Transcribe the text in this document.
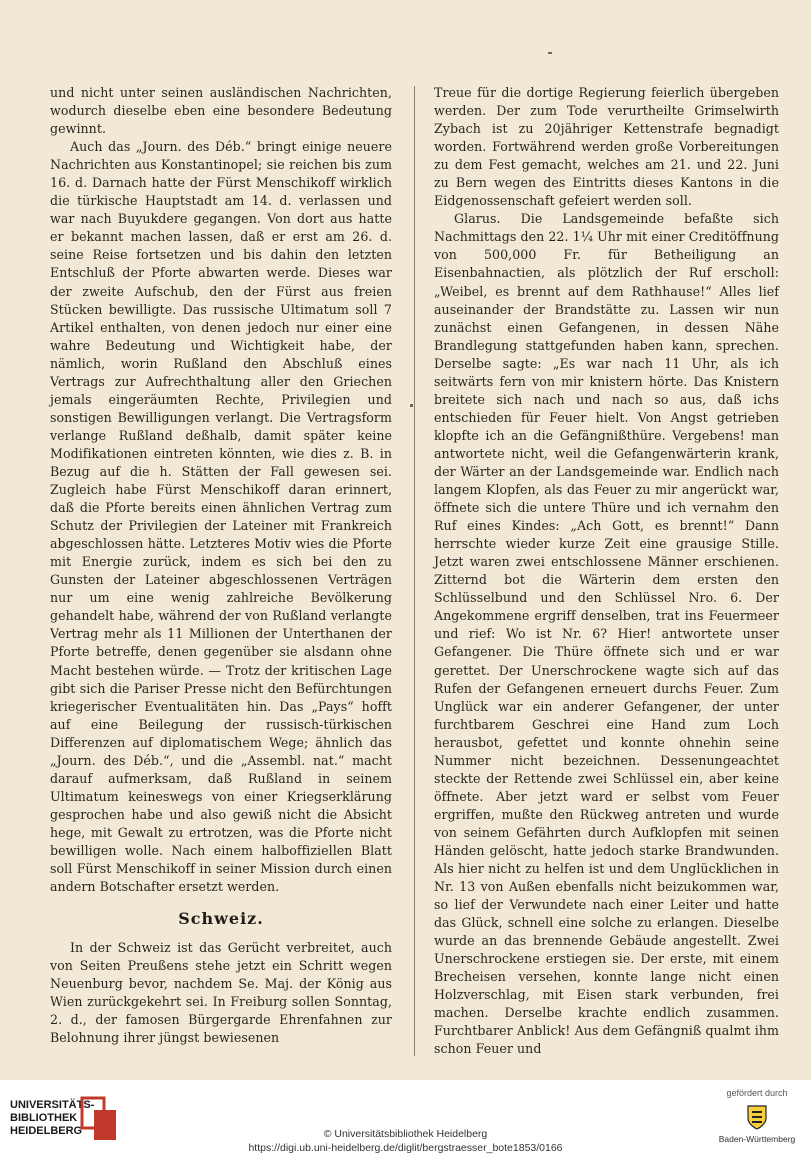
und nicht unter seinen ausländischen Nachrichten, wodurch dieselbe eben eine besondere Bedeutung gewinnt.

Auch das „Journ. des Déb.“ bringt einige neuere Nachrichten aus Konstantinopel; sie reichen bis zum 16. d. Darnach hatte der Fürst Menschikoff wirklich die türkische Hauptstadt am 14. d. verlassen und war nach Buyukdere gegangen. Von dort aus hatte er bekannt machen lassen, daß er erst am 26. d. seine Reise fortsetzen und bis dahin den letzten Entschluß der Pforte abwarten werde. Dieses war der zweite Aufschub, den der Fürst aus freien Stücken bewilligte. Das russische Ultimatum soll 7 Artikel enthalten, von denen jedoch nur einer eine wahre Bedeutung und Wichtigkeit habe, der nämlich, worin Rußland den Abschluß eines Vertrags zur Aufrechthaltung aller den Griechen jemals eingeräumten Rechte, Privilegien und sonstigen Bewilligungen verlangt. Die Vertragsform verlange Rußland deßhalb, damit später keine Modifikationen eintreten könnten, wie dies z. B. in Bezug auf die h. Stätten der Fall gewesen sei. Zugleich habe Fürst Menschikoff daran erinnert, daß die Pforte bereits einen ähnlichen Vertrag zum Schutz der Privilegien der Lateiner mit Frankreich abgeschlossen hätte. Letzteres Motiv wies die Pforte mit Energie zurück, indem es sich bei den zu Gunsten der Lateiner abgeschlossenen Verträgen nur um eine wenig zahlreiche Bevölkerung gehandelt habe, während der von Rußland verlangte Vertrag mehr als 11 Millionen der Unterthanen der Pforte betreffe, denen gegenüber sie alsdann ohne Macht bestehen würde. — Trotz der kritischen Lage gibt sich die Pariser Presse nicht den Befürchtungen kriegerischer Eventualitäten hin. Das „Pays“ hofft auf eine Beilegung der russisch-türkischen Differenzen auf diplomatischem Wege; ähnlich das „Journ. des Déb.“, und die „Assembl. nat.“ macht darauf aufmerksam, daß Rußland in seinem Ultimatum keineswegs von einer Kriegserklärung gesprochen habe und also gewiß nicht die Absicht hege, mit Gewalt zu ertrotzen, was die Pforte nicht bewilligen wolle. Nach einem halboffiziellen Blatt soll Fürst Menschikoff in seiner Mission durch einen andern Botschafter ersetzt werden.

Schweiz.

In der Schweiz ist das Gerücht verbreitet, auch von Seiten Preußens stehe jetzt ein Schritt wegen Neuenburg bevor, nachdem Se. Maj. der König aus Wien zurückgekehrt sei. In Freiburg sollen Sonntag, 2. d., der famosen Bürgergarde Ehrenfahnen zur Belohnung ihrer jüngst bewiesenen

Treue für die dortige Regierung feierlich übergeben werden. Der zum Tode verurtheilte Grimselwirth Zybach ist zu 20jähriger Kettenstrafe begnadigt worden. Fortwährend werden große Vorbereitungen zu dem Fest gemacht, welches am 21. und 22. Juni zu Bern wegen des Eintritts dieses Kantons in die Eidgenossenschaft gefeiert werden soll.

Glarus. Die Landsgemeinde befaßte sich Nachmittags den 22. 1¼ Uhr mit einer Creditöffnung von 500,000 Fr. für Betheiligung an Eisenbahnactien, als plötzlich der Ruf erscholl: „Weibel, es brennt auf dem Rathhause!“ Alles lief auseinander der Brandstätte zu. Lassen wir nun zunächst einen Gefangenen, in dessen Nähe Brandlegung stattgefunden haben kann, sprechen. Derselbe sagte: „Es war nach 11 Uhr, als ich seitwärts fern von mir knistern hörte. Das Knistern breitete sich nach und nach so aus, daß ichs entschieden für Feuer hielt. Von Angst getrieben klopfte ich an die Gefängnißthüre. Vergebens! man antwortete nicht, weil die Gefangenwärterin krank, der Wärter an der Landsgemeinde war. Endlich nach langem Klopfen, als das Feuer zu mir angerückt war, öffnete sich die untere Thüre und ich vernahm den Ruf eines Kindes: „Ach Gott, es brennt!“ Dann herrschte wieder kurze Zeit eine grausige Stille. Jetzt waren zwei entschlossene Männer erschienen. Zitternd bot die Wärterin dem ersten den Schlüsselbund und den Schlüssel Nro. 6. Der Angekommene ergriff denselben, trat ins Feuermeer und rief: Wo ist Nr. 6? Hier! antwortete unser Gefangener. Die Thüre öffnete sich und er war gerettet. Der Unerschrockene wagte sich auf das Rufen der Gefangenen erneuert durchs Feuer. Zum Unglück war ein anderer Gefangener, der unter furchtbarem Geschrei eine Hand zum Loch herausbot, gefettet und konnte ohnehin seine Nummer nicht bezeichnen. Dessenungeachtet steckte der Rettende zwei Schlüssel ein, aber keine öffnete. Aber jetzt ward er selbst vom Feuer ergriffen, mußte den Rückweg antreten und wurde von seinem Gefährten durch Aufklopfen mit seinen Händen gelöscht, hatte jedoch starke Brandwunden. Als hier nicht zu helfen ist und dem Unglücklichen in Nr. 13 von Außen ebenfalls nicht beizukommen war, so lief der Verwundete nach einer Leiter und hatte das Glück, schnell eine solche zu erlangen. Dieselbe wurde an das brennende Gebäude angestellt. Zwei Unerschrockene erstiegen sie. Der erste, mit einem Brecheisen versehen, konnte lange nicht einen Holzverschlag, mit Eisen stark verbunden, frei machen. Derselbe krachte endlich zusammen. Furchtbarer Anblick! Aus dem Gefängniß qualmt ihm schon Feuer und

UNIVERSITÄTS-
BIBLIOTHEK
HEIDELBERG	© Universitätsbibliothek Heidelberg
https://digi.ub.uni-heidelberg.de/diglit/bergstraesser_bote1853/0166
gefördert durch
Baden-Württemberg
